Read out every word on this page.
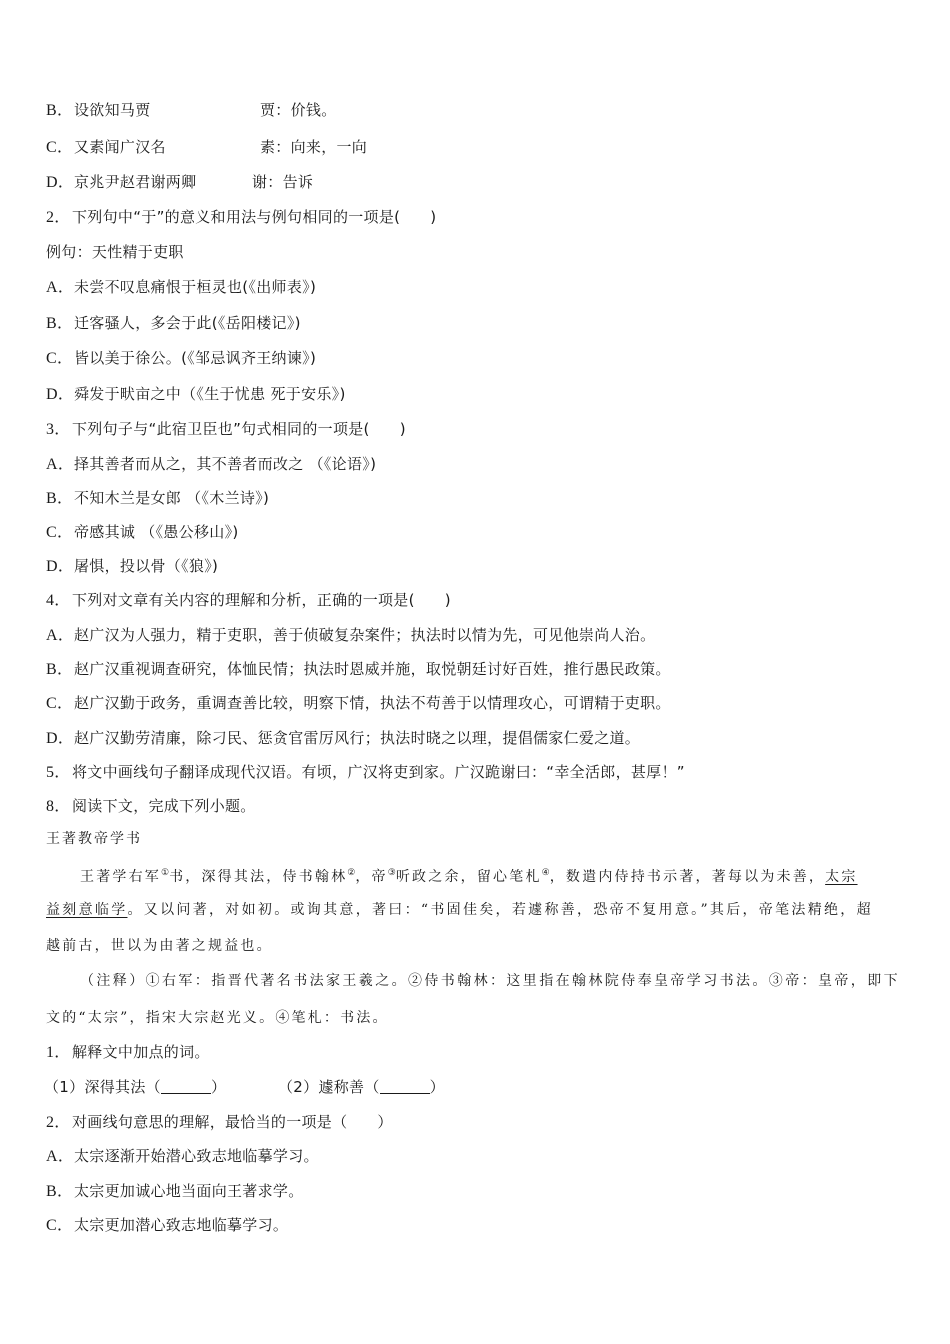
B．设欲知马贾	贾：价钱。
C．又素闻广汉名	素：向来，一向
D．京兆尹赵君谢两卿	谢：告诉
2．下列句中“于”的意义和用法与例句相同的一项是( )
例句：天性精于吏职
A．未尝不叹息痛恨于桓灵也(《出师表》)
B．迁客骚人，多会于此(《岳阳楼记》)
C．皆以美于徐公。(《邹忌讽齐王纳谏》)
D．舜发于畎亩之中（《生于忧患 死于安乐》)
3．下列句子与“此宿卫臣也”句式相同的一项是( )
A．择其善者而从之，其不善者而改之 （《论语》)
B．不知木兰是女郎 （《木兰诗》)
C．帝感其诚 （《愚公移山》)
D．屠惧，投以骨（《狼》)
4．下列对文章有关内容的理解和分析，正确的一项是( )
A．赵广汉为人强力，精于吏职，善于侦破复杂案件；执法时以情为先，可见他崇尚人治。
B．赵广汉重视调查研究，体恤民情；执法时恩威并施，取悦朝廷讨好百姓，推行愚民政策。
C．赵广汉勤于政务，重调查善比较，明察下情，执法不苟善于以情理攻心，可谓精于吏职。
D．赵广汉勤劳清廉，除刁民、惩贪官雷厉风行；执法时晓之以理，提倡儒家仁爱之道。
5．将文中画线句子翻译成现代汉语。有顷，广汉将吏到家。广汉跪谢曰：“幸全活郎，甚厚！”
8．阅读下文，完成下列小题。
王著教帝学书
王著学右军①书，深得其法，侍书翰林②，帝③听政之余，留心笔札④，数遣内侍持书示著，著每以为未善，太宗
益刻意临学。又以问著，对如初。或询其意，著曰：“书固佳矣，若遽称善，恐帝不复用意。”其后，帝笔法精绝，超
越前古，世以为由著之规益也。
（注释）①右军：指晋代著名书法家王羲之。②侍书翰林：这里指在翰林院侍奉皇帝学习书法。③帝：皇帝，即下
文的“太宗”，指宋大宗赵光义。④笔札：书法。
1．解释文中加点的词。
（1）深得其法（	）	（2）遽称善（	）
2．对画线句意思的理解，最恰当的一项是（ ）
A．太宗逐渐开始潜心致志地临摹学习。
B．太宗更加诚心地当面向王著求学。
C．太宗更加潜心致志地临摹学习。
